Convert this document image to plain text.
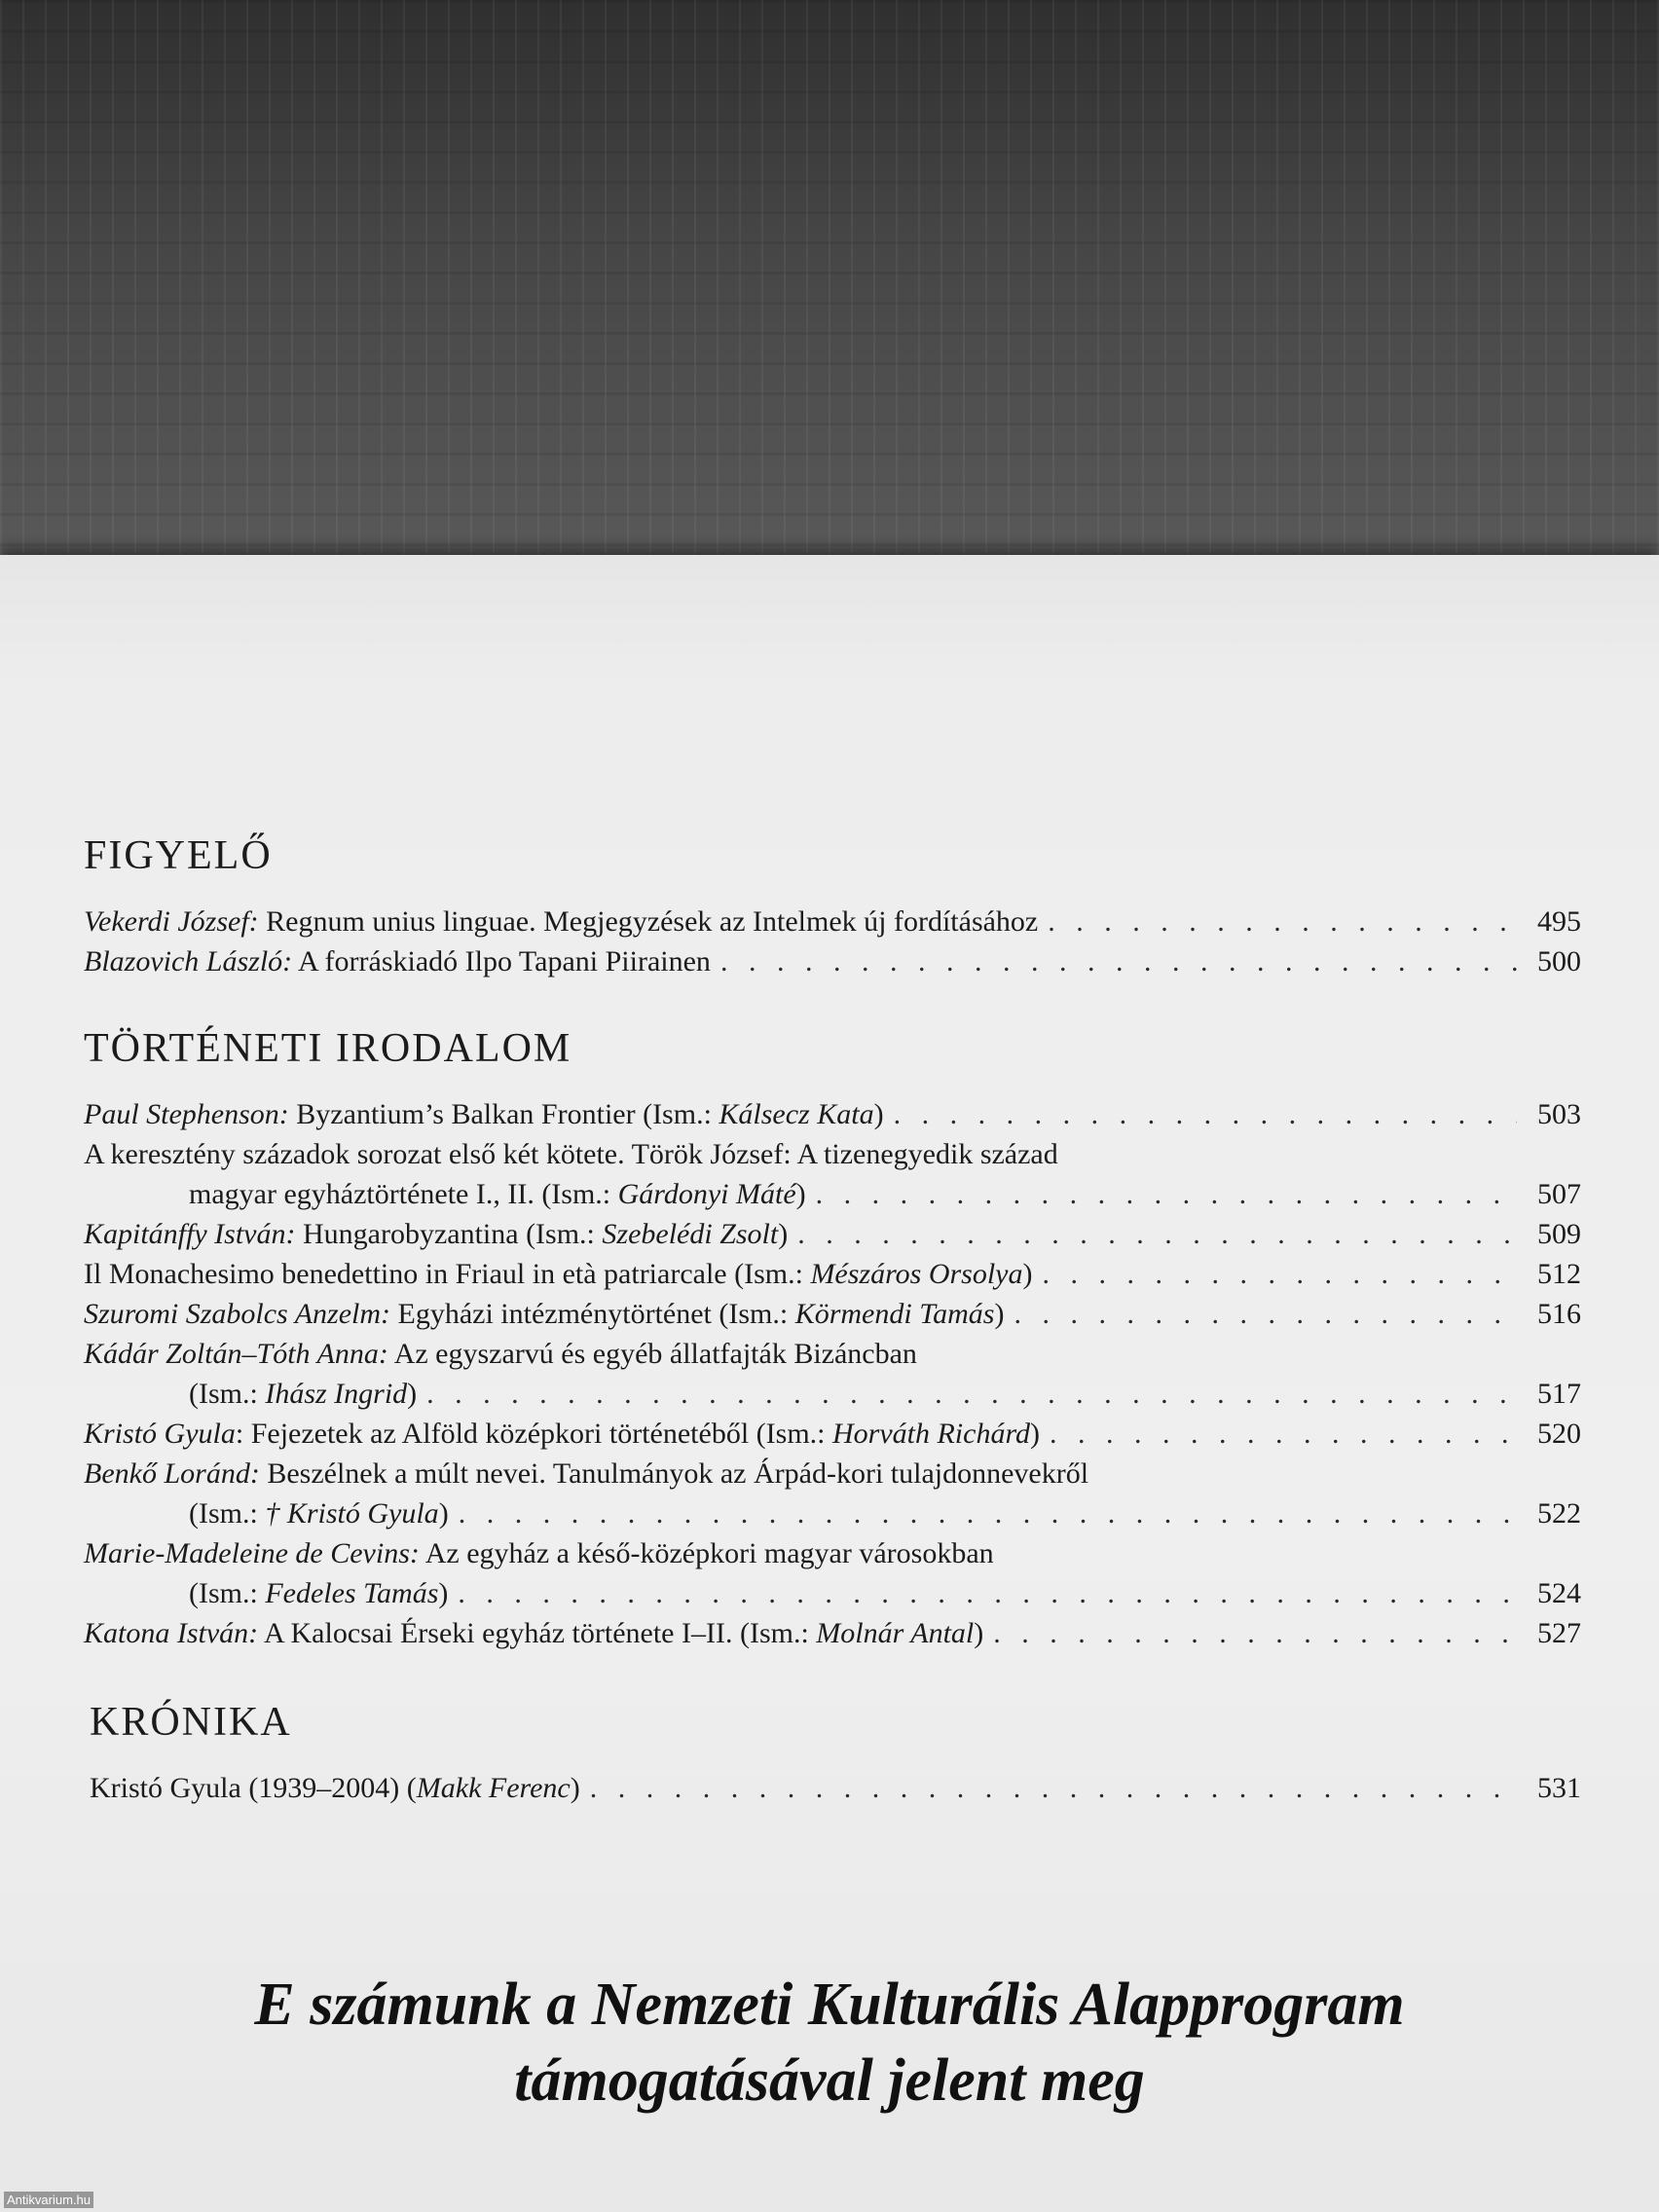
FIGYELŐ
Vekerdi József: Regnum unius linguae. Megjegyzések az Intelmek új fordításához . . .	495
Blazovich László: A forráskiadó Ilpo Tapani Piirainen . . .	500
TÖRTÉNETI IRODALOM
Paul Stephenson: Byzantium’s Balkan Frontier (Ism.: Kálsecz Kata) . . .	503
A keresztény századok sorozat első két kötete. Török József: A tizenegyedik század
magyar egyháztörténete I., II. (Ism.: Gárdonyi Máté) . . .	507
Kapitánffy István: Hungarobyzantina (Ism.: Szebelédi Zsolt) . . .	509
Il Monachesimo benedettino in Friaul in età patriarcale (Ism.: Mészáros Orsolya) . . .	512
Szuromi Szabolcs Anzelm: Egyházi intézménytörténet (Ism.: Körmendi Tamás) . . .	516
Kádár Zoltán–Tóth Anna: Az egyszarvú és egyéb állatfajták Bizáncban
(Ism.: Ihász Ingrid) . . .	517
Kristó Gyula: Fejezetek az Alföld középkori történetéből (Ism.: Horváth Richárd) . . .	520
Benkő Loránd: Beszélnek a múlt nevei. Tanulmányok az Árpád-kori tulajdonnevekről
(Ism.: † Kristó Gyula) . . .	522
Marie-Madeleine de Cevins: Az egyház a késő-középkori magyar városokban
(Ism.: Fedeles Tamás) . . .	524
Katona István: A Kalocsai Érseki egyház története I–II. (Ism.: Molnár Antal) . . .	527
KRÓNIKA
Kristó Gyula (1939–2004) (Makk Ferenc) . . .	531
E számunk a Nemzeti Kulturális Alapprogram
támogatásával jelent meg
Antikvarium.hu
